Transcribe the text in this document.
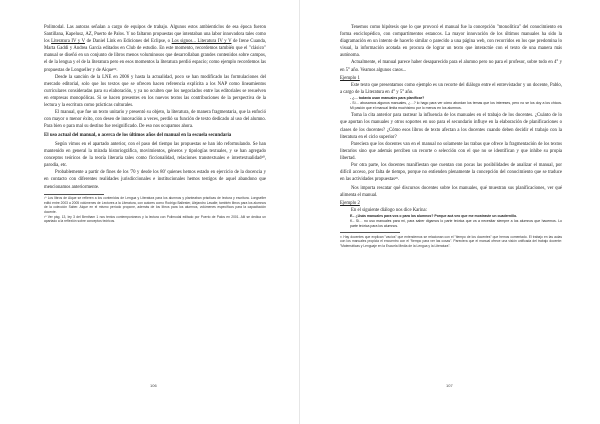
Polimodal. Las autoras señalan a cargo de equipos de trabajo. Algunos estos ambienticlos de esa época fueron Santillana, Kapelusz, AZ, Puerto de Palos. Y no faltaron propuestas que intentaban una labor innovadora tales como los Literatura IV y V de Daniel Link en Ediciones del Eclipse, o Los signos... Literatura IV y V de Irene Cuanda, Marta Gaddi y Andrea García editados en Club de estudio. En este momento, recordemos también que el "clásico" manual se diseñó en un conjunto de libros menos voluminosos que desarrollaban grandes contenidos sobre campos, el de la lengua y el de la literatura pero en esos momentos la literatura perdió espacio; como ejemplo recordemos las propuestas de Longseller y de Aique¹⁹.

Desde la sanción de la LNE en 2006 y hasta la actualidad, poco se han modificado las formulaciones del mercado editorial, solo que los textos que se ofrecen hacen referencia explícita a los NAP como lineamientos curriculares consideradas para su elaboración, y ya no oculten que los negociados entre las editoriales se resuelven en empresas monopólicas. Si se hacen presentes en los nuevos textos las contribuciones de la perspectiva de la lectura y la escritura como prácticas culturales.

El manual, que fue un texto unitario y presentó su objeto, la literatura, de manera fragmentaria, que la enfoció con mayor o menor éxito, con deseo de innovación a veces, perdió su función de texto dedicado al uso del alumno. Para bien o para mal su destino fue resignificado. De eso nos ocupamos ahora.

El uso actual del manual, o acerca de los últimos años del manual en la escuela secundaria

Según vimos en el apartado anterior, con el paso del tiempo las propuestas se han ido reformulando. Se han mantenido en general la mirada historiográfica, movimientos, géneros y tipologías textuales, y se han agregado conceptos teóricos de la teoría literaria tales como ficcionalidad, relaciones transtextuales e intertextualidad²⁰, parodia, etc.

Probablemente a partir de fines de los '70 y desde los 80' quienes hemos estado en ejercicio de la docencia y en contacto con diferentes realidades jurisdiccionales e institucionales hemos testigos de aquel abandono que mencionamos anteriormente.

¹⁹ Los libros de Aique se refieren a los contenidos de Lengua y Literatura para los alumnos y planteaban prácticas de lectura y escritura. Longseller editó entre 2003 a 2005 volúmenes de Lectores a la Literatura, con autores como Rodrigo Ballester, Alejandro Lavalle; también libros para los alumnos de la colección Saber. Aique en el mismo período propone, además de los libros para los alumnos, volúmenes específicos para la capacitación docente.

²⁰ Ver pág. 13, ley 3 del Bentham 1 nos textos contemporáneos y la lectura con Polimodal editado por Puerto de Palos en 2001. Allí se dedica un apartado a la reflexión sobre conceptos teóricos.

106

Tenemos como hipótesis que lo que provocó el manual fue la concepción "monolítica" del conocimiento en forma enciclopédico, con compartimentos estancos. La mayor innovación de los últimos manuales ha sido la diagramación en un intento de hacerlo similar o parecido a una página web, con recorridos en los que predomina lo visual, la información acotada en procura de lograr un texto que interactúe con el texto de una manera más autónoma.

Actualmente, el manual parece haber desaparecido para el alumno pero no para el profesor, sobre todo en 4° y en 5° año. Veamos algunos casos...

Ejemplo 1

Este texto que presentamos como ejemplo es un recorte del diálogo entre el entrevistador y un docente, Pablo, a cargo de la Literatura en 4° y 5° año.

- ¿… todavía usan manuales para planificar?

- Sí… abusamos algunos manuales, ¿…? lo hago para ver cómo abordan los temas que los intereses, pero no se los doy a los chicos. Mi pasión que el manual limita muchísimo por lo menos en los alumnos.

Toma la cita anterior para rastrear la influencia de los manuales en el trabajo de los docentes. ¿Cuánto de lo que aportan los manuales y otros soportes en uso para el secundario influye en la elaboración de planificaciones o clases de los docentes? ¿Cómo esos libros de texto afectan a los docentes cuando deben decidir el trabajo con la literatura en el ciclo superior?

Pareciera que los docentes van en el manual no solamente las trabas que ofrece la fragmentación de los textos literarios sino que además perciben un recorte o selección con el que no se identifican y que inhibe su propia libertad.

Por otra parte, los docentes manifiestan que cuentan con pocas las posibilidades de analizar el manual, por difícil acceso, por falta de tiempo, porque no entienden plenamente la concepción del conocimiento que se traduce en las actividades propuestas²¹.

Nos importa rescatar qué discursos docentes sobre los manuales, qué muestran sus planificaciones, ver qué alimenta el manual.

Ejemplo 2

En el siguiente diálogo nos dice Karina:

E.- ¿Usás manuales para vos o para los alumnos? Porque acá veo que me mostraste un cuadernillo.

K.- Sí… no uso manuales para mí, para saber digamos lo parte teórica que va a necesitar siempre a los alumnos que hacemos. Lo parte teórica para los alumnos.

²¹ Hay docentes que explican "vacíos" que entendemos se relacionan con el "tiempo de los docentes" que hemos comentado. El trabajo en las aulas con los manuales propicia el encuentro con el "tiempo para ver las cosas". Pareciera que el manual ofrece una visión unificada del trabajo docente: "Matemáticas y Lenguaje en la Escuela Media de la Lengua y la Literatura".

107
